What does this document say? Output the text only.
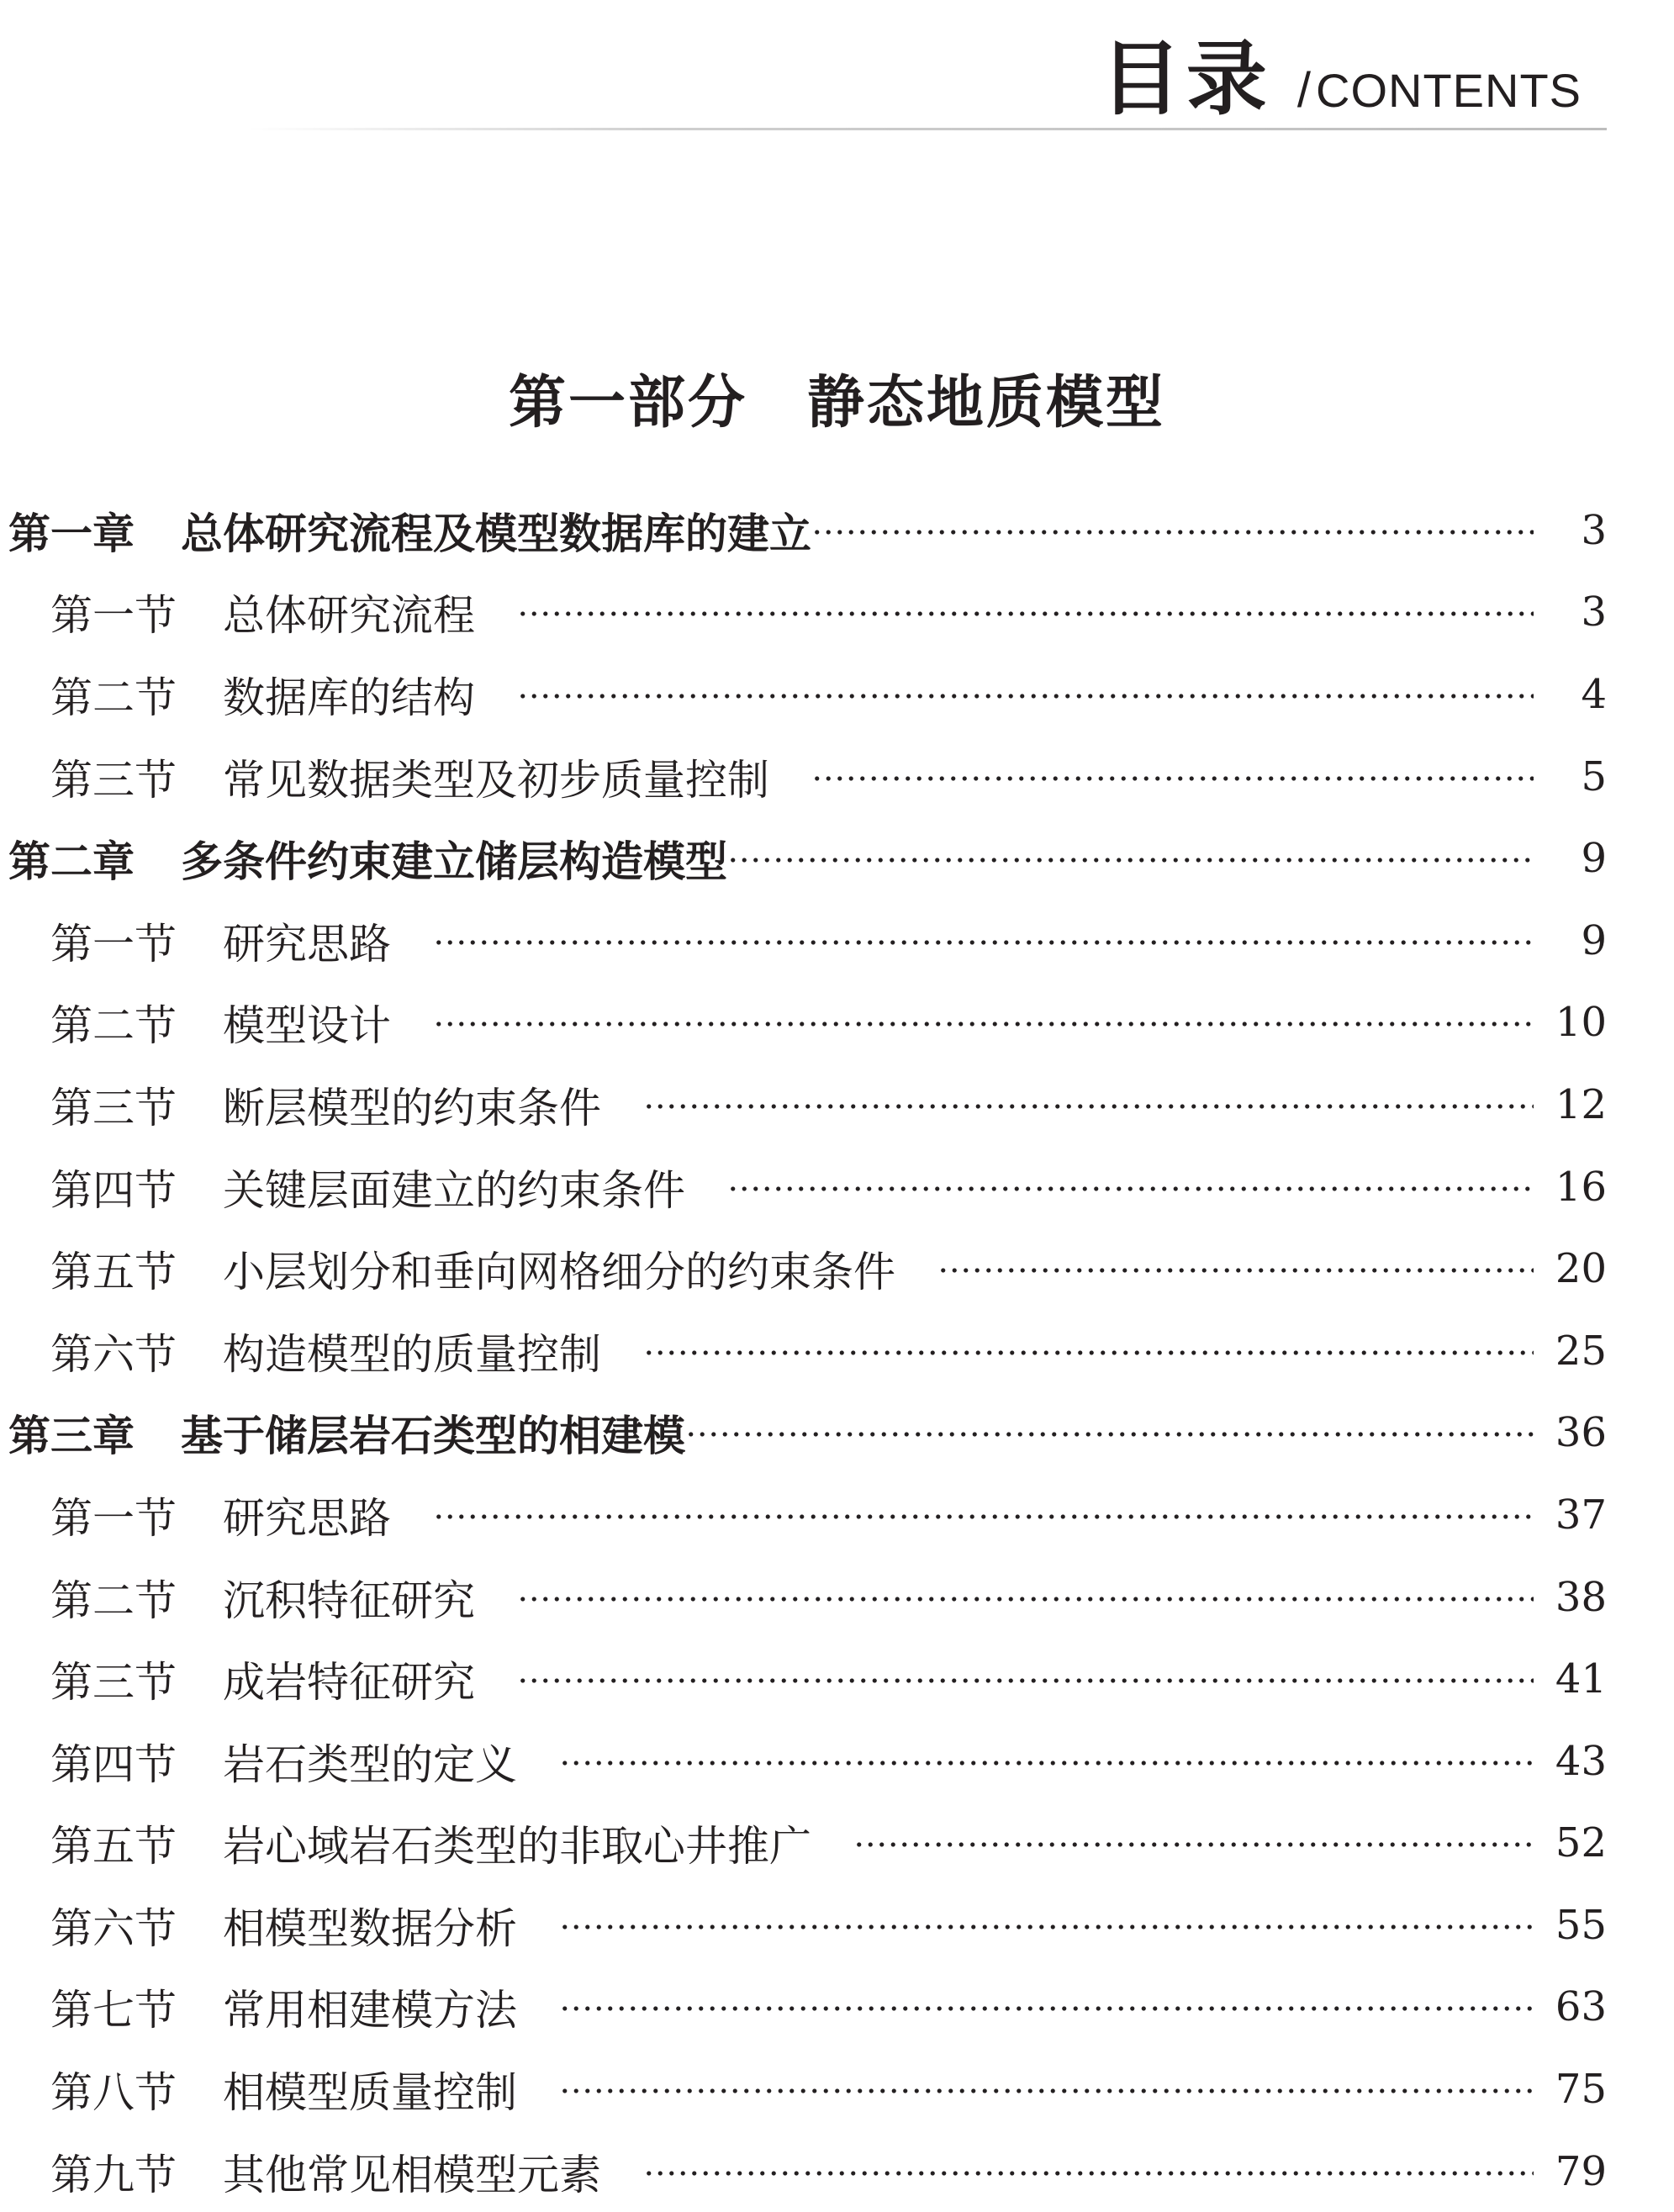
目录 / CONTENTS
第一部分　静态地质模型
第一章	总体研究流程及模型数据库的建立	3
第一节	总体研究流程	3
第二节	数据库的结构	4
第三节	常见数据类型及初步质量控制	5
第二章	多条件约束建立储层构造模型	9
第一节	研究思路	9
第二节	模型设计	10
第三节	断层模型的约束条件	12
第四节	关键层面建立的约束条件	16
第五节	小层划分和垂向网格细分的约束条件	20
第六节	构造模型的质量控制	25
第三章	基于储层岩石类型的相建模	36
第一节	研究思路	37
第二节	沉积特征研究	38
第三节	成岩特征研究	41
第四节	岩石类型的定义	43
第五节	岩心域岩石类型的非取心井推广	52
第六节	相模型数据分析	55
第七节	常用相建模方法	63
第八节	相模型质量控制	75
第九节	其他常见相模型元素	79
